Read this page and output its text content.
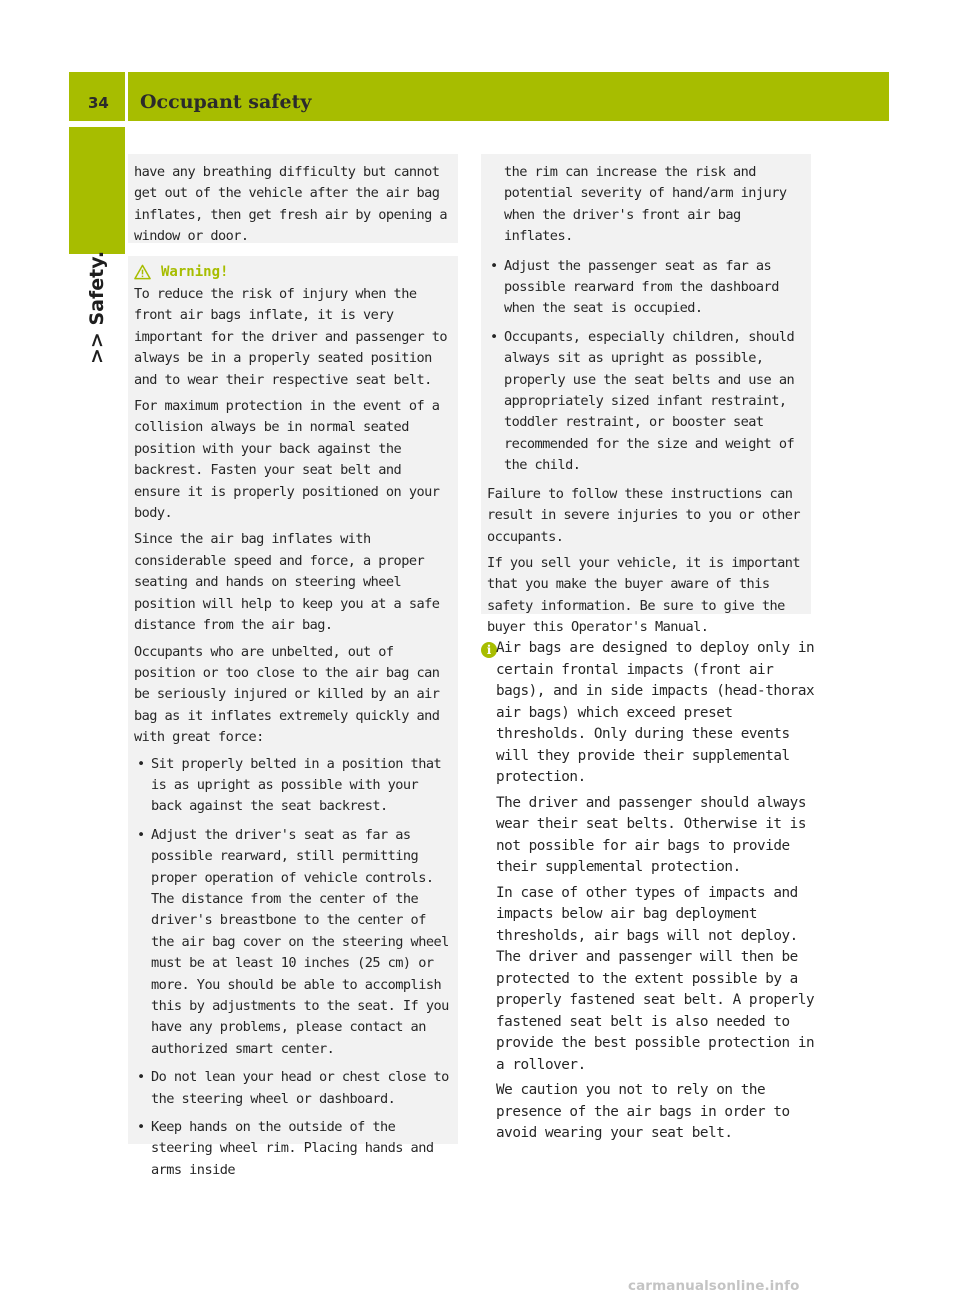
34 Occupant safety
>> Safety.

have any breathing difficulty but cannot get out of the vehicle after the air bag inflates, then get fresh air by opening a window or door.

Warning!

To reduce the risk of injury when the front air bags inflate, it is very important for the driver and passenger to always be in a properly seated position and to wear their respective seat belt.

For maximum protection in the event of a collision always be in normal seated position with your back against the backrest. Fasten your seat belt and ensure it is properly positioned on your body.

Since the air bag inflates with considerable speed and force, a proper seating and hands on steering wheel position will help to keep you at a safe distance from the air bag.

Occupants who are unbelted, out of position or too close to the air bag can be seriously injured or killed by an air bag as it inflates extremely quickly and with great force:

• Sit properly belted in a position that is as upright as possible with your back against the seat backrest.
• Adjust the driver's seat as far as possible rearward, still permitting proper operation of vehicle controls. The distance from the center of the driver's breastbone to the center of the air bag cover on the steering wheel must be at least 10 inches (25 cm) or more. You should be able to accomplish this by adjustments to the seat. If you have any problems, please contact an authorized smart center.
• Do not lean your head or chest close to the steering wheel or dashboard.
• Keep hands on the outside of the steering wheel rim. Placing hands and arms inside

the rim can increase the risk and potential severity of hand/arm injury when the driver's front air bag inflates.

• Adjust the passenger seat as far as possible rearward from the dashboard when the seat is occupied.
• Occupants, especially children, should always sit as upright as possible, properly use the seat belts and use an appropriately sized infant restraint, toddler restraint, or booster seat recommended for the size and weight of the child.

Failure to follow these instructions can result in severe injuries to you or other occupants.

If you sell your vehicle, it is important that you make the buyer aware of this safety information. Be sure to give the buyer this Operator's Manual.

i Air bags are designed to deploy only in certain frontal impacts (front air bags), and in side impacts (head-thorax air bags) which exceed preset thresholds. Only during these events will they provide their supplemental protection.

The driver and passenger should always wear their seat belts. Otherwise it is not possible for air bags to provide their supplemental protection.

In case of other types of impacts and impacts below air bag deployment thresholds, air bags will not deploy. The driver and passenger will then be protected to the extent possible by a properly fastened seat belt. A properly fastened seat belt is also needed to provide the best possible protection in a rollover.

We caution you not to rely on the presence of the air bags in order to avoid wearing your seat belt.

carmanualsonline.info
